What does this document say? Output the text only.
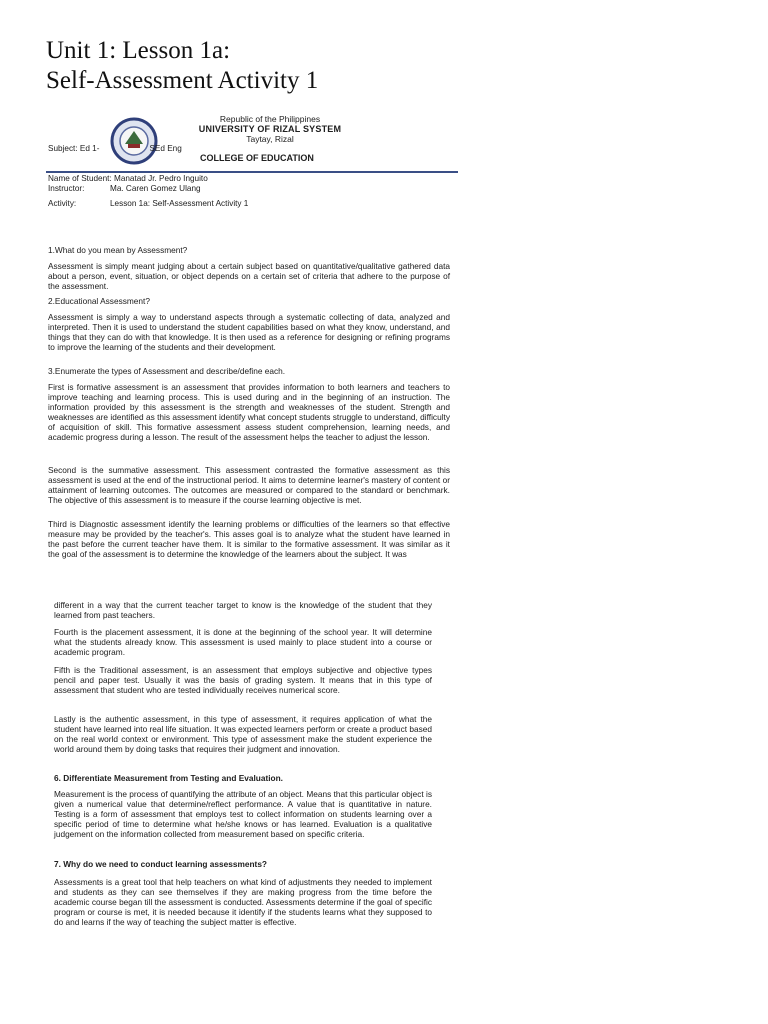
Unit 1: Lesson 1a:
Self-Assessment Activity 1
Republic of the Philippines
UNIVERSITY OF RIZAL SYSTEM
Taytay, Rizal
Subject: Ed 1-	SEd Eng
COLLEGE OF EDUCATION
Name of Student: Manatad Jr. Pedro Inguito
Instructor:	Ma. Caren Gomez Ulang
Activity:	Lesson 1a: Self-Assessment Activity 1

1.What do you mean by Assessment?

Assessment is simply meant judging about a certain subject based on quantitative/qualitative gathered data about a person, event, situation, or object depends on a certain set of criteria that adhere to the purpose of the assessment.

2.Educational Assessment?

Assessment is simply a way to understand aspects through a systematic collecting of data, analyzed and interpreted. Then it is used to understand the student capabilities based on what they know, understand, and things that they can do with that knowledge. It is then used as a reference for designing or refining programs to improve the learning of the students and their development.

3.Enumerate the types of Assessment and describe/define each.

First is formative assessment is an assessment that provides information to both learners and teachers to improve teaching and learning process. This is used during and in the beginning of an instruction. The information provided by this assessment is the strength and weaknesses of the student. Strength and weaknesses are identified as this assessment identify what concept students struggle to understand, difficulty of acquisition of skill. This formative assessment assess student comprehension, learning needs, and academic progress during a lesson. The result of the assessment helps the teacher to adjust the lesson.

Second is the summative assessment. This assessment contrasted the formative assessment as this assessment is used at the end of the instructional period. It aims to determine learner's mastery of content or attainment of learning outcomes. The outcomes are measured or compared to the standard or benchmark. The objective of this assessment is to measure if the course learning objective is met.

Third is Diagnostic assessment identify the learning problems or difficulties of the learners so that effective measure may be provided by the teacher's. This asses goal is to analyze what the student have learned in the past before the current teacher have them. It is similar to the formative assessment. It was similar as it the goal of the assessment is to determine the knowledge of the learners about the subject. It was

different in a way that the current teacher target to know is the knowledge of the student that they learned from past teachers.

Fourth is the placement assessment, it is done at the beginning of the school year. It will determine what the students already know. This assessment is used mainly to place student into a course or academic program.

Fifth is the Traditional assessment, is an assessment that employs subjective and objective types pencil and paper test. Usually it was the basis of grading system. It means that in this type of assessment that student who are tested individually receives numerical score.

Lastly is the authentic assessment, in this type of assessment, it requires application of what the student have learned into real life situation. It was expected learners perform or create a product based on the real world context or environment. This type of assessment make the student experience the world around them by doing tasks that requires their judgment and innovation.

6. Differentiate Measurement from Testing and Evaluation.

Measurement is the process of quantifying the attribute of an object. Means that this particular object is given a numerical value that determine/reflect performance. A value that is quantitative in nature. Testing is a form of assessment that employs test to collect information on students learning over a specific period of time to determine what he/she knows or has learned. Evaluation is a qualitative judgement on the information collected from measurement based on specific criteria.

7. Why do we need to conduct learning assessments?

Assessments is a great tool that help teachers on what kind of adjustments they needed to implement and students as they can see themselves if they are making progress from the time before the academic course began till the assessment is conducted. Assessments determine if the goal of specific program or course is met, it is needed because it identify if the students learns what they supposed to do and learns if the way of teaching the subject matter is effective.
